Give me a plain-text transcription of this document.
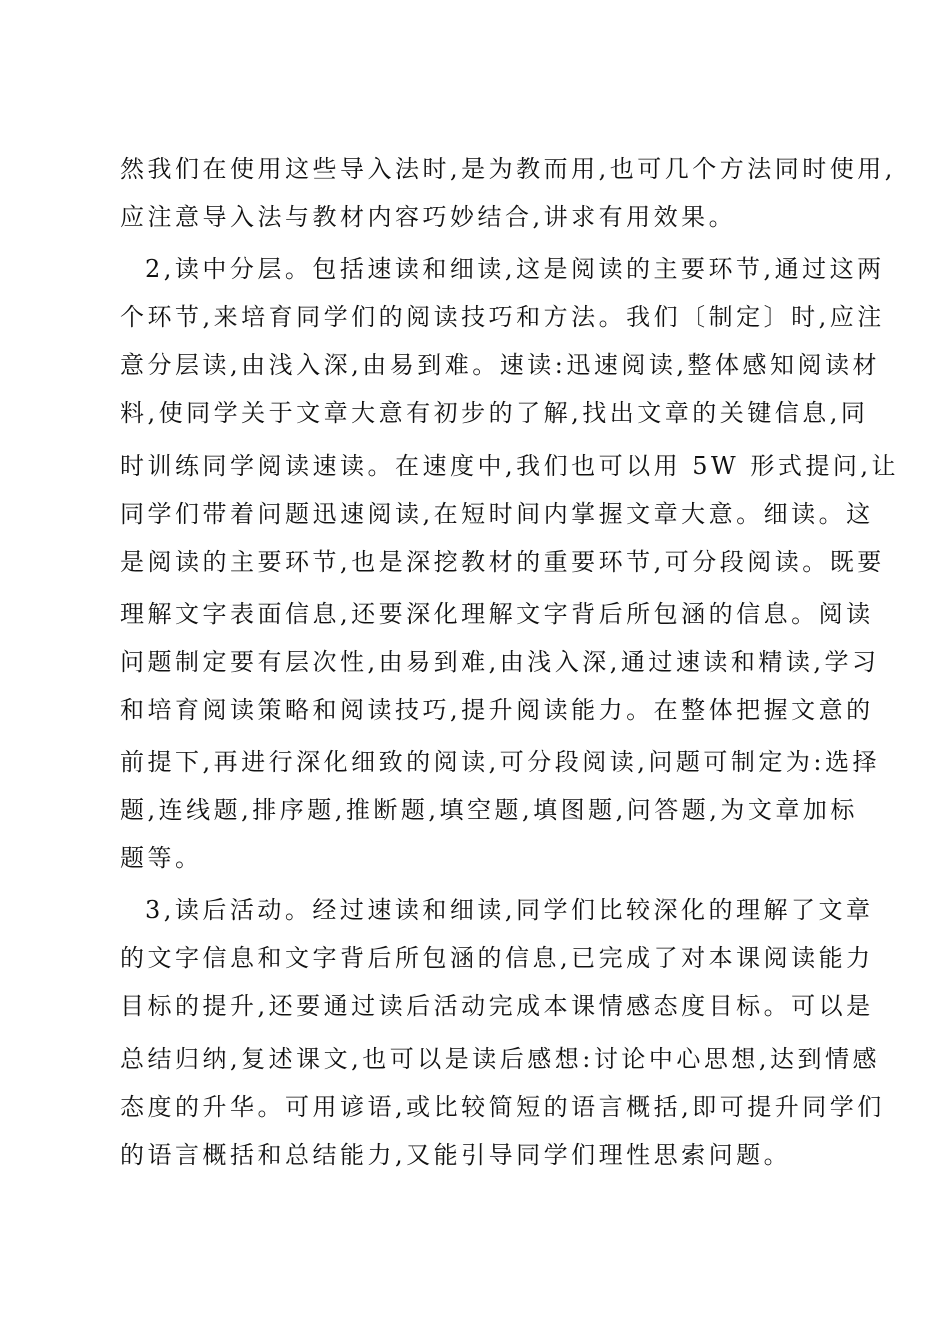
然我们在使用这些导入法时,是为教而用,也可几个方法同时使用,
应注意导入法与教材内容巧妙结合,讲求有用效果。
2,读中分层。包括速读和细读,这是阅读的主要环节,通过这两
个环节,来培育同学们的阅读技巧和方法。我们〔制定〕时,应注
意分层读,由浅入深,由易到难。速读:迅速阅读,整体感知阅读材
料,使同学关于文章大意有初步的了解,找出文章的关键信息,同
时训练同学阅读速读。在速度中,我们也可以用 5W 形式提问,让
同学们带着问题迅速阅读,在短时间内掌握文章大意。细读。这
是阅读的主要环节,也是深挖教材的重要环节,可分段阅读。既要
理解文字表面信息,还要深化理解文字背后所包涵的信息。阅读
问题制定要有层次性,由易到难,由浅入深,通过速读和精读,学习
和培育阅读策略和阅读技巧,提升阅读能力。在整体把握文意的
前提下,再进行深化细致的阅读,可分段阅读,问题可制定为:选择
题,连线题,排序题,推断题,填空题,填图题,问答题,为文章加标
题等。
3,读后活动。经过速读和细读,同学们比较深化的理解了文章
的文字信息和文字背后所包涵的信息,已完成了对本课阅读能力
目标的提升,还要通过读后活动完成本课情感态度目标。可以是
总结归纳,复述课文,也可以是读后感想:讨论中心思想,达到情感
态度的升华。可用谚语,或比较简短的语言概括,即可提升同学们
的语言概括和总结能力,又能引导同学们理性思索问题。
